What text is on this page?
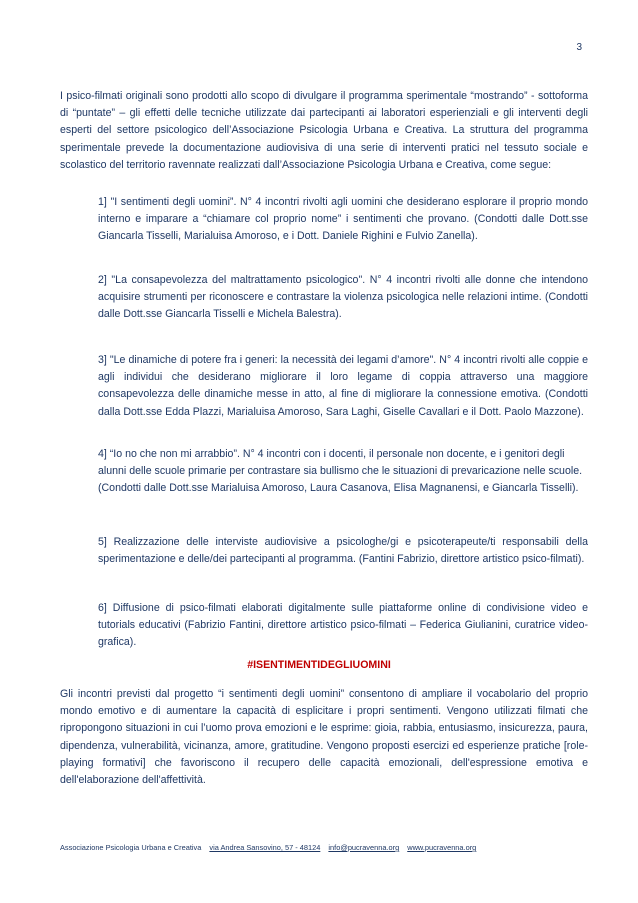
3
I psico-filmati originali sono prodotti allo scopo di divulgare il programma sperimentale “mostrando” - sottoforma di “puntate” – gli effetti delle tecniche utilizzate dai partecipanti ai laboratori esperienziali e gli interventi degli esperti del settore psicologico dell’Associazione Psicologia Urbana e Creativa. La struttura del programma sperimentale prevede la documentazione audiovisiva di una serie di interventi pratici nel tessuto sociale e scolastico del territorio ravennate realizzati dall’Associazione Psicologia Urbana e Creativa, come segue:
1] "I sentimenti degli uomini”. N° 4 incontri rivolti agli uomini che desiderano esplorare il proprio mondo interno e imparare a “chiamare col proprio nome” i sentimenti che provano. (Condotti dalle Dott.sse Giancarla Tisselli, Marialuisa Amoroso, e i Dott. Daniele Righini e Fulvio Zanella).
2] "La consapevolezza del maltrattamento psicologico". N° 4 incontri rivolti alle donne che intendono acquisire strumenti per riconoscere e contrastare la violenza psicologica nelle relazioni intime. (Condotti dalle Dott.sse Giancarla Tisselli e Michela Balestra).
3] "Le dinamiche di potere fra i generi: la necessità dei legami d’amore". N° 4 incontri rivolti alle coppie e agli individui che desiderano migliorare il loro legame di coppia attraverso una maggiore consapevolezza delle dinamiche messe in atto, al fine di migliorare la connessione emotiva. (Condotti dalla Dott.sse Edda Plazzi, Marialuisa Amoroso, Sara Laghi, Giselle Cavallari e il Dott. Paolo Mazzone).
4] “Io no che non mi arrabbio”. N° 4 incontri con i docenti, il personale non docente, e i genitori degli alunni delle scuole primarie per contrastare sia bullismo che le situazioni di prevaricazione nelle scuole. (Condotti dalle Dott.sse Marialuisa Amoroso, Laura Casanova, Elisa Magnanensi, e Giancarla Tisselli).
5] Realizzazione delle interviste audiovisive a psicologhe/gi e psicoterapeute/ti responsabili della sperimentazione e delle/dei partecipanti al programma. (Fantini Fabrizio, direttore artistico psico-filmati).
6] Diffusione di psico-filmati elaborati digitalmente sulle piattaforme online di condivisione video e tutorials educativi (Fabrizio Fantini, direttore artistico psico-filmati – Federica Giulianini, curatrice video-grafica).
#ISENTIMENTIDEGLIUOMINI
Gli incontri previsti dal progetto “i sentimenti degli uomini” consentono di ampliare il vocabolario del proprio mondo emotivo e di aumentare la capacità di esplicitare i propri sentimenti. Vengono utilizzati filmati che ripropongono situazioni in cui l’uomo prova emozioni e le esprime: gioia, rabbia, entusiasmo, insicurezza, paura, dipendenza, vulnerabilità, vicinanza, amore, gratitudine. Vengono proposti esercizi ed esperienze pratiche [role-playing formativi] che favoriscono il recupero delle capacità emozionali, dell'espressione emotiva e dell'elaborazione dell'affettività.
Associazione Psicologia Urbana e Creativa via Andrea Sansovino, 57 - 48124 info@pucravenna.org www.pucravenna.org
